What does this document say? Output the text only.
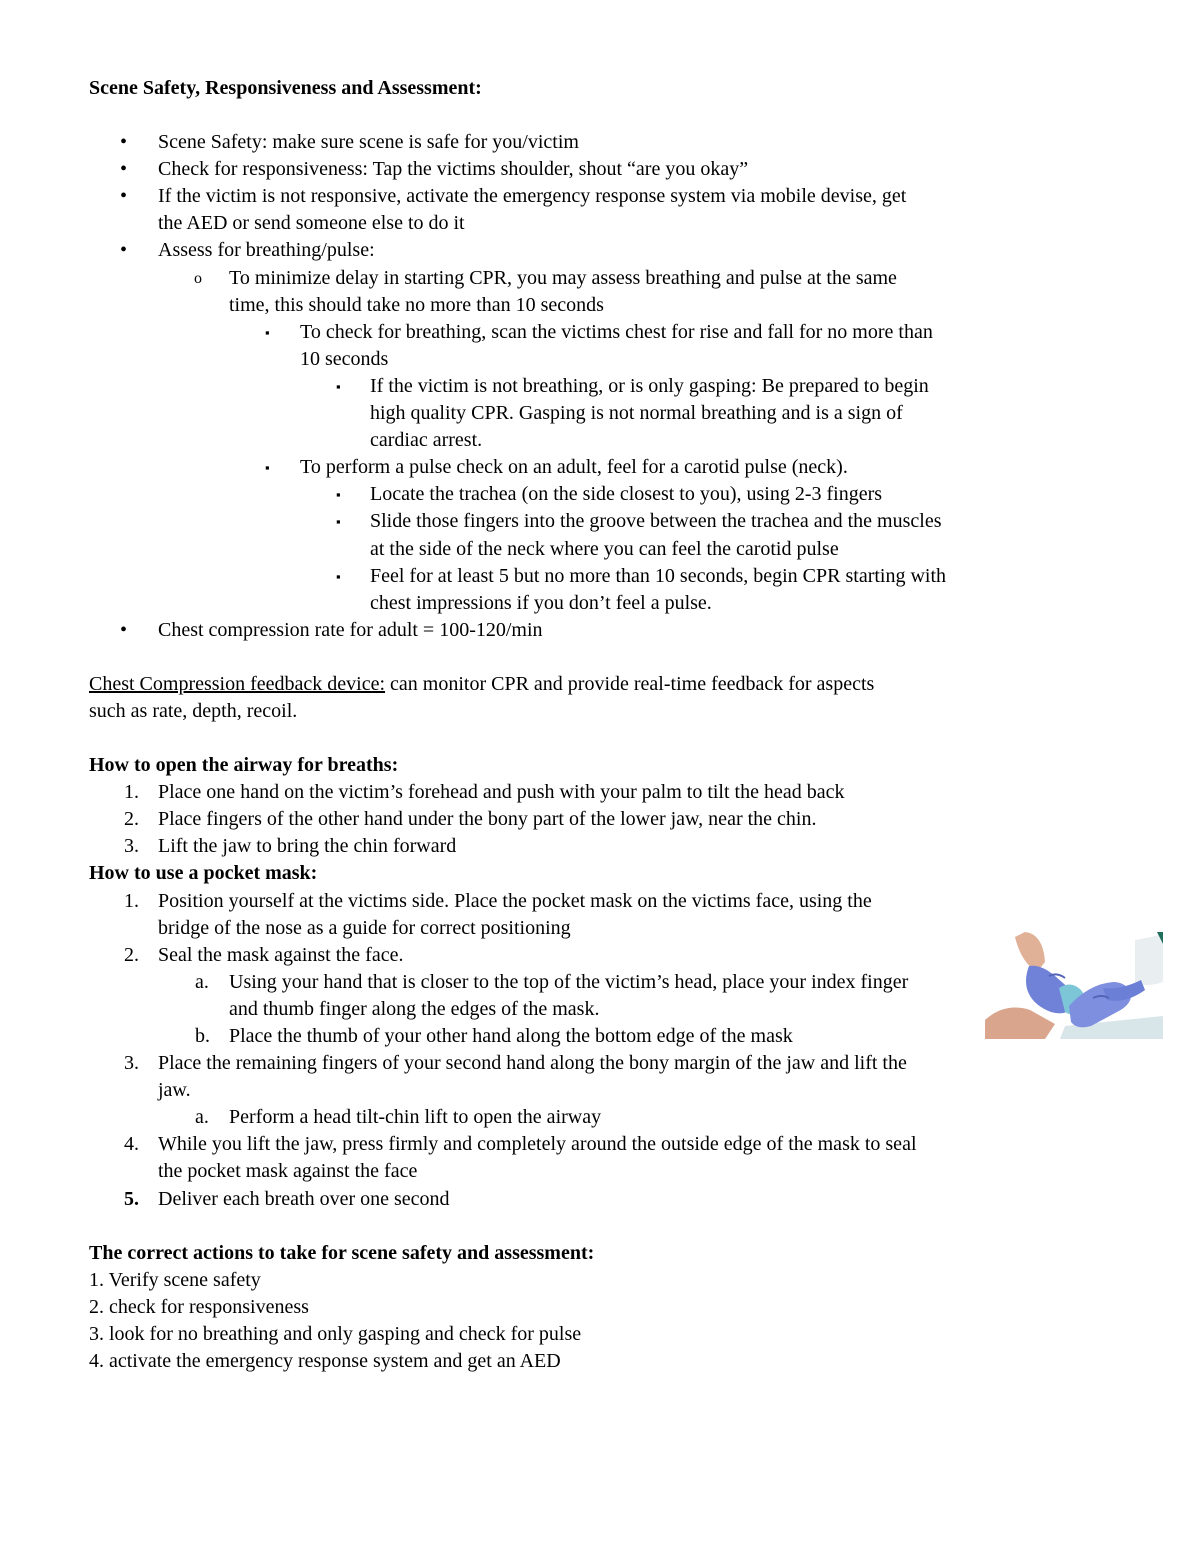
Scene Safety, Responsiveness and Assessment:

• Scene Safety: make sure scene is safe for you/victim

• Check for responsiveness: Tap the victims shoulder, shout “are you okay”

• If the victim is not responsive, activate the emergency response system via mobile devise, get

the AED or send someone else to do it

• Assess for breathing/pulse:

o To minimize delay in starting CPR, you may assess breathing and pulse at the same

time, this should take no more than 10 seconds

▪ To check for breathing, scan the victims chest for rise and fall for no more than

10 seconds

▪ If the victim is not breathing, or is only gasping: Be prepared to begin

high quality CPR. Gasping is not normal breathing and is a sign of

cardiac arrest.

▪ To perform a pulse check on an adult, feel for a carotid pulse (neck).

▪ Locate the trachea (on the side closest to you), using 2-3 fingers

▪ Slide those fingers into the groove between the trachea and the muscles

at the side of the neck where you can feel the carotid pulse

▪ Feel for at least 5 but no more than 10 seconds, begin CPR starting with

chest impressions if you don’t feel a pulse.

• Chest compression rate for adult = 100-120/min

Chest Compression feedback device: can monitor CPR and provide real-time feedback for aspects

such as rate, depth, recoil.

How to open the airway for breaths:

1. Place one hand on the victim’s forehead and push with your palm to tilt the head back

2. Place fingers of the other hand under the bony part of the lower jaw, near the chin.

3. Lift the jaw to bring the chin forward

How to use a pocket mask:

1. Position yourself at the victims side. Place the pocket mask on the victims face, using the

bridge of the nose as a guide for correct positioning

2. Seal the mask against the face.

a. Using your hand that is closer to the top of the victim’s head, place your index finger

and thumb finger along the edges of the mask.

b. Place the thumb of your other hand along the bottom edge of the mask

3. Place the remaining fingers of your second hand along the bony margin of the jaw and lift the

jaw.

a. Perform a head tilt-chin lift to open the airway

4. While you lift the jaw, press firmly and completely around the outside edge of the mask to seal

the pocket mask against the face

5. Deliver each breath over one second

The correct actions to take for scene safety and assessment:

1. Verify scene safety

2. check for responsiveness

3. look for no breathing and only gasping and check for pulse

4. activate the emergency response system and get an AED
